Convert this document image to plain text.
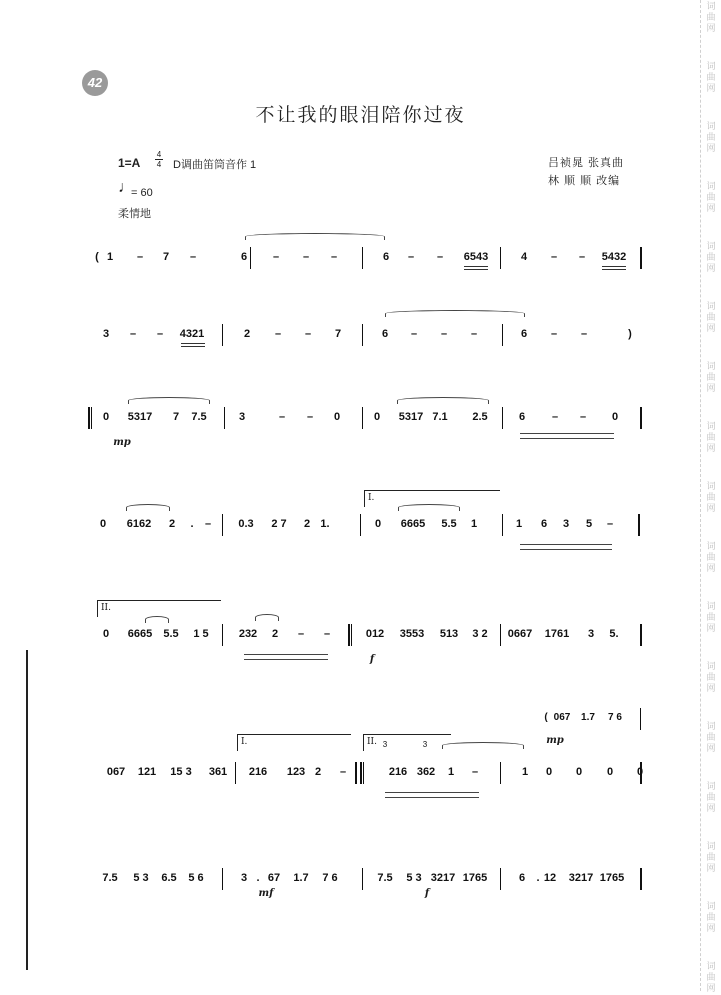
词
曲
网
词
曲
网
词
曲
网
词
曲
网
词
曲
网
词
曲
网
词
曲
网
词
曲
网
词
曲
网
词
曲
网
词
曲
网
词
曲
网
词
曲
网
词
曲
网
词
曲
网
词
曲
网
词
曲
网
42
不让我的眼泪陪你过夜
1=A
4
4 D调曲笛筒音作 1
♩
= 60
柔情地
吕祯晁 张真曲
林 顺 顺 改编
( 1 – 7 –	6 – – –	6 – – 6543	4 – – 5432
3 – – 4321	2 – – 7	6 – – –	6 – –	)
0 5317 7 7.5	3	– – 0	0 5317 7.1 2.5	6 – – 0
mp
I.
0 6162 2 . – 0.3 2 7 2 1.	0 6665 5.5 1	1 6 3 5 –
II.
0 6665 5.5 1 5	232 2 – –	012 3553 513 3 2 0667 1761 3 5.
f
I.	II.
067 121 15 3 361 216 123 2 –	216 362 1 –	1 0 0 0 0
mp
( 067 1.7 7 6
3	3
7.5 5 3 6.5 5 6	3 . 67 1.7 7 6	7.5 5 3 3217 1765	6 . 12 3217 1765
mf	f
